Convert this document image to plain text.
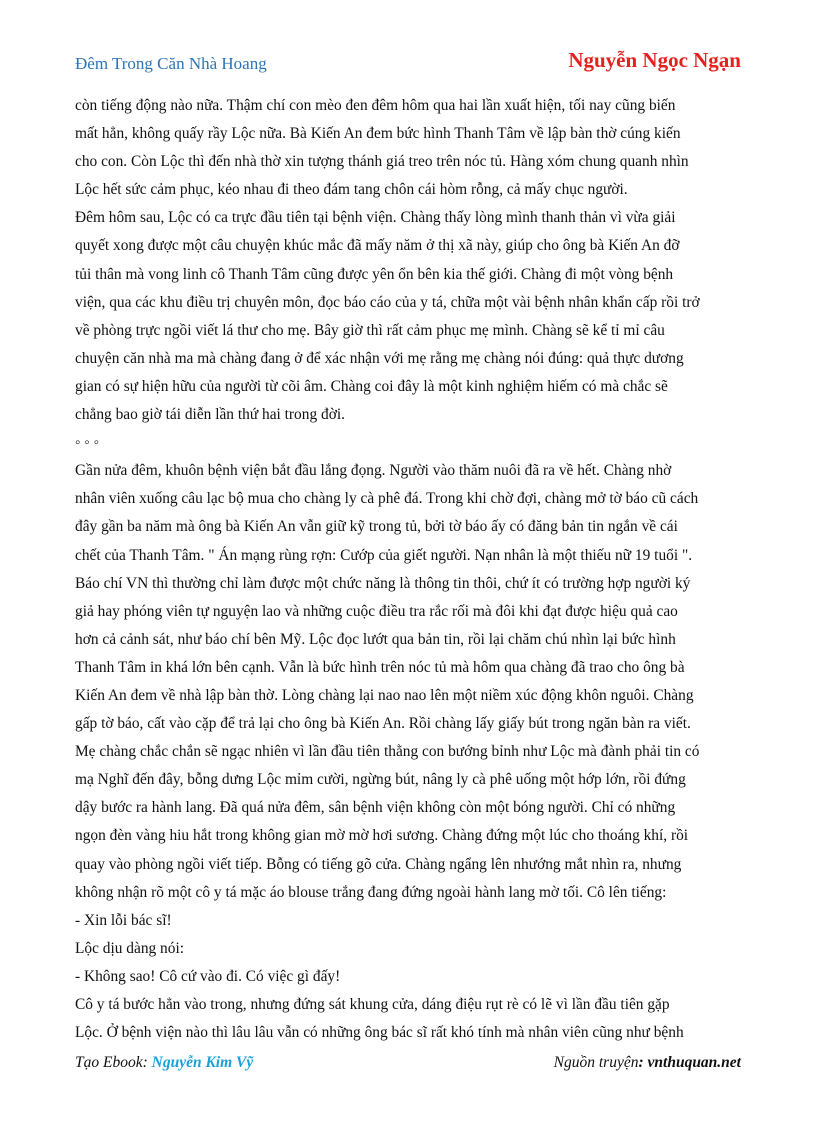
Đêm Trong Căn Nhà Hoang	Nguyễn Ngọc Ngạn

còn tiếng động nào nữa. Thậm chí con mèo đen đêm hôm qua hai lần xuất hiện, tối nay cũng biến

mất hẳn, không quấy rầy Lộc nữa. Bà Kiến An đem bức hình Thanh Tâm về lập bàn thờ cúng kiến

cho con. Còn Lộc thì đến nhà thờ xin tượng thánh giá treo trên nóc tủ. Hàng xóm chung quanh nhìn

Lộc hết sức cảm phục, kéo nhau đi theo đám tang chôn cái hòm rỗng, cả mấy chục người.

Đêm hôm sau, Lộc có ca trực đầu tiên tại bệnh viện. Chàng thấy lòng mình thanh thản vì vừa giải

quyết xong được một câu chuyện khúc mắc đã mấy năm ở thị xã này, giúp cho ông bà Kiến An đỡ

tủi thân mà vong linh cô Thanh Tâm cũng được yên ổn bên kia thế giới. Chàng đi một vòng bệnh

viện, qua các khu điều trị chuyên môn, đọc báo cáo của y tá, chữa một vài bệnh nhân khẩn cấp rồi trở

về phòng trực ngồi viết lá thư cho mẹ. Bây giờ thì rất cảm phục mẹ mình. Chàng sẽ kể tỉ mỉ câu

chuyện căn nhà ma mà chàng đang ở để xác nhận với mẹ rằng mẹ chàng nói đúng: quả thực dương

gian có sự hiện hữu của người từ cõi âm. Chàng coi đây là một kinh nghiệm hiếm có mà chắc sẽ

chẳng bao giờ tái diễn lần thứ hai trong đời.

◦ ◦ ◦

Gần nửa đêm, khuôn bệnh viện bắt đầu lắng đọng. Người vào thăm nuôi đã ra về hết. Chàng nhờ

nhân viên xuống câu lạc bộ mua cho chàng ly cà phê đá. Trong khi chờ đợi, chàng mở tờ báo cũ cách

đây gần ba năm mà ông bà Kiến An vẫn giữ kỹ trong tủ, bởi tờ báo ấy có đăng bản tin ngắn về cái

chết của Thanh Tâm. " Án mạng rùng rợn: Cướp của giết người. Nạn nhân là một thiếu nữ 19 tuổi ".

Báo chí VN thì thường chỉ làm được một chức năng là thông tin thôi, chứ ít có trường hợp người ký

giả hay phóng viên tự nguyện lao và những cuộc điều tra rắc rối mà đôi khi đạt được hiệu quả cao

hơn cả cảnh sát, như báo chí bên Mỹ. Lộc đọc lướt qua bản tin, rồi lại chăm chú nhìn lại bức hình

Thanh Tâm in khá lớn bên cạnh. Vẫn là bức hình trên nóc tủ mà hôm qua chàng đã trao cho ông bà

Kiến An đem về nhà lập bàn thờ. Lòng chàng lại nao nao lên một niềm xúc động khôn nguôi. Chàng

gấp tờ báo, cất vào cặp để trả lại cho ông bà Kiến An. Rồi chàng lấy giấy bút trong ngăn bàn ra viết.

Mẹ chàng chắc chắn sẽ ngạc nhiên vì lần đầu tiên thằng con bướng bỉnh như Lộc mà đành phải tin có

mạ Nghĩ đến đây, bỗng dưng Lộc mỉm cười, ngừng bút, nâng ly cà phê uống một hớp lớn, rồi đứng

dậy bước ra hành lang. Đã quá nửa đêm, sân bệnh viện không còn một bóng người. Chỉ có những

ngọn đèn vàng hiu hắt trong không gian mờ mờ hơi sương. Chàng đứng một lúc cho thoáng khí, rồi

quay vào phòng ngồi viết tiếp. Bỗng có tiếng gõ cửa. Chàng ngẩng lên nhướng mắt nhìn ra, nhưng

không nhận rõ một cô y tá mặc áo blouse trắng đang đứng ngoài hành lang mờ tối. Cô lên tiếng:

- Xin lỗi bác sĩ!

Lộc dịu dàng nói:

- Không sao! Cô cứ vào đi. Có việc gì đấy!

Cô y tá bước hẳn vào trong, nhưng đứng sát khung cửa, dáng điệu rụt rè có lẽ vì lần đầu tiên gặp

Lộc. Ở bệnh viện nào thì lâu lâu vẫn có những ông bác sĩ rất khó tính mà nhân viên cũng như bệnh

Tạo Ebook: Nguyễn Kim Vỹ	Nguồn truyện: vnthuquan.net
